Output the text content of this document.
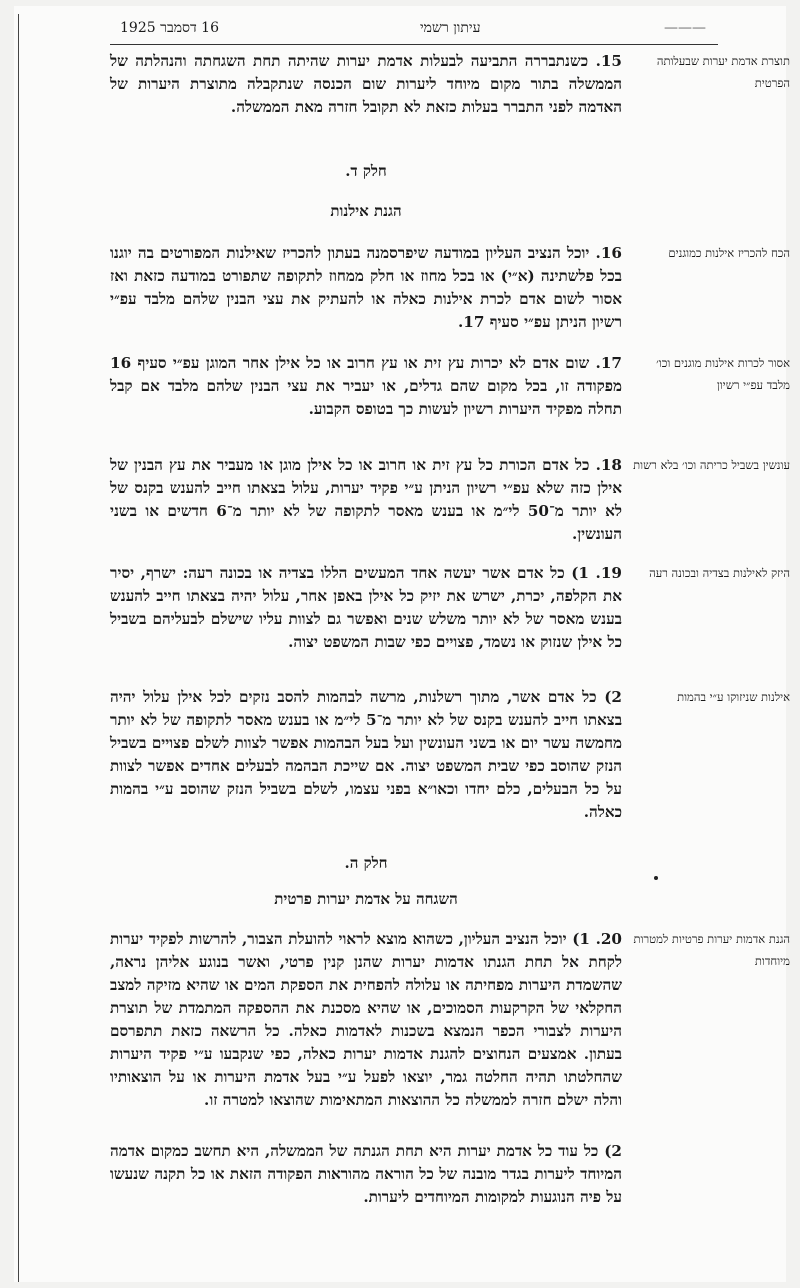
16 דסמבר 1925	עיתון רשמי	———
תוצרת אדמת יערות שבעלותה הפרטית
15. כשנתבררה התביעה לבעלות אדמת יערות שהיתה תחת השגחתה והנהלתה של הממשלה בתור מקום מיוחד ליערות שום הכנסה שנתקבלה מתוצרת היערות של האדמה לפני התברר בעלות כזאת לא תקובל חזרה מאת הממשלה.
חלק ד.
הגנת אילנות
הכח להכריז אילנות כמוגנים
16. יוכל הנציב העליון במודעה שיפרסמנה בעתון להכריז שאילנות המפורטים בה יוגנו בכל פלשתינה (א״י) או בכל מחוז או חלק ממחוז לתקופה שתפורט במודעה כזאת ואז אסור לשום אדם לכרת אילנות כאלה או להעתיק את עצי הבנין שלהם מלבד עפ״י רשיון הניתן עפ״י סעיף 17.
אסור לכרות אילנות מוגנים וכו׳ מלבד עפ״י רשיון
17. שום אדם לא יכרות עץ זית או עץ חרוב או כל אילן אחר המוגן עפ״י סעיף 16 מפקודה זו, בכל מקום שהם גדלים, או יעביר את עצי הבנין שלהם מלבד אם קבל תחלה מפקיד היערות רשיון לעשות כך בטופס הקבוע.
עונשין בשביל כריתה וכו׳ בלא רשות
18. כל אדם הכורת כל עץ זית או חרוב או כל אילן מוגן או מעביר את עץ הבנין של אילן כזה שלא עפ״י רשיון הניתן ע״י פקיד יערות, עלול בצאתו חייב להענש בקנס של לא יותר מ־50 לי״מ או בענש מאסר לתקופה של לא יותר מ־6 חדשים או בשני העונשין.
היזק לאילנות בצדיה ובכונה רעה
19. 1) כל אדם אשר יעשה אחד המעשים הללו בצדיה או בכונה רעה: ישרף, יסיר את הקלפה, יכרת, ישרש את יזיק כל אילן באפן אחר, עלול יהיה בצאתו חייב להענש בענש מאסר של לא יותר משלש שנים ואפשר גם לצוות עליו שישלם לבעליהם בשביל כל אילן שנזוק או נשמד, פצויים כפי שבות המשפט יצוה.
אילנות שניזוקו ע״י בהמות
2) כל אדם אשר, מתוך רשלנות, מרשה לבהמות להסב נזקים לכל אילן עלול יהיה בצאתו חייב להענש בקנס של לא יותר מ־5 לי״מ או בענש מאסר לתקופה של לא יותר מחמשה עשר יום או בשני העונשין ועל בעל הבהמות אפשר לצוות לשלם פצויים בשביל הנזק שהוסב כפי שבית המשפט יצוה. אם שייכת הבהמה לבעלים אחדים אפשר לצוות על כל הבעלים, כלם יחדו וכאו״א בפני עצמו, לשלם בשביל הנזק שהוסב ע״י בהמות כאלה.
חלק ה.
השגחה על אדמת יערות פרטית
הגנת אדמות יערות פרטיות למטרות מיוחדות
20. 1) יוכל הנציב העליון, כשהוא מוצא לראוי להועלת הצבור, להרשות לפקיד יערות לקחת אל תחת הגנתו אדמות יערות שהנן קנין פרטי, ואשר בנוגע אליהן נראה, שהשמדת היערות מפחיתה או עלולה להפחית את הספקת המים או שהיא מזיקה למצב החקלאי של הקרקעות הסמוכים, או שהיא מסכנת את ההספקה המתמדת של תוצרת היערות לצבורי הכפר הנמצא בשכנות לאדמות כאלה. כל הרשאה כזאת תתפרסם בעתון. אמצעים הנחוצים להגנת אדמות יערות כאלה, כפי שנקבעו ע״י פקיד היערות שהחלטתו תהיה החלטה גמר, יוצאו לפעל ע״י בעל אדמת היערות או על הוצאותיו והלה ישלם חזרה לממשלה כל ההוצאות המתאימות שהוצאו למטרה זו.
2) כל עוד כל אדמת יערות היא תחת הגנתה של הממשלה, היא תחשב כמקום אדמה המיוחד ליערות בגדר מובנה של כל הוראה מהוראות הפקודה הזאת או כל תקנה שנעשו על פיה הנוגעות למקומות המיוחדים ליערות.
